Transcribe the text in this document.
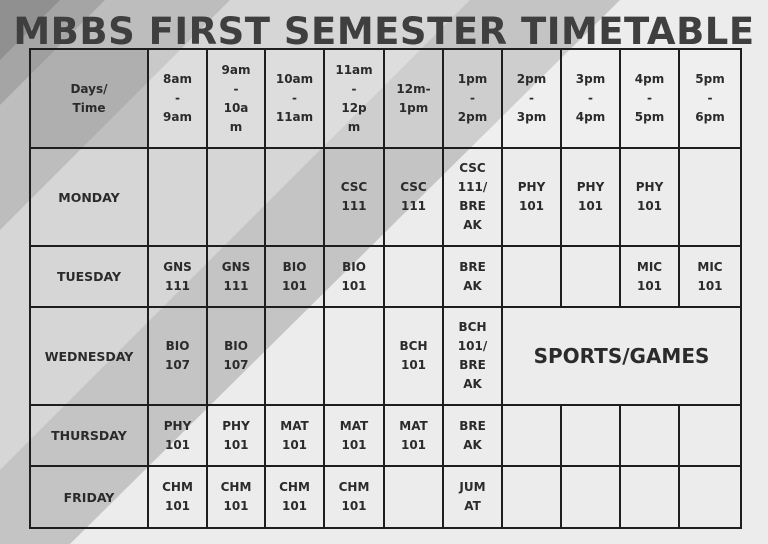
MBBS FIRST SEMESTER TIMETABLE
Days/
Time	8am
-
9am	9am
-
10a
m	10am
-
11am	11am
-
12p
m	12m-
1pm	1pm
-
2pm	2pm
-
3pm	3pm
-
4pm	4pm
-
5pm	5pm
-
6pm
MONDAY				CSC
111	CSC
111	CSC
111/
BRE
AK	PHY
101	PHY
101	PHY
101	
TUESDAY	GNS
111	GNS
111	BIO
101	BIO
101		BRE
AK			MIC
101	MIC
101
WEDNESDAY	BIO
107	BIO
107			BCH
101	BCH
101/
BRE
AK	SPORTS/GAMES			
THURSDAY	PHY
101	PHY
101	MAT
101	MAT
101	MAT
101	BRE
AK				
FRIDAY	CHM
101	CHM
101	CHM
101	CHM
101		JUM
AT				
